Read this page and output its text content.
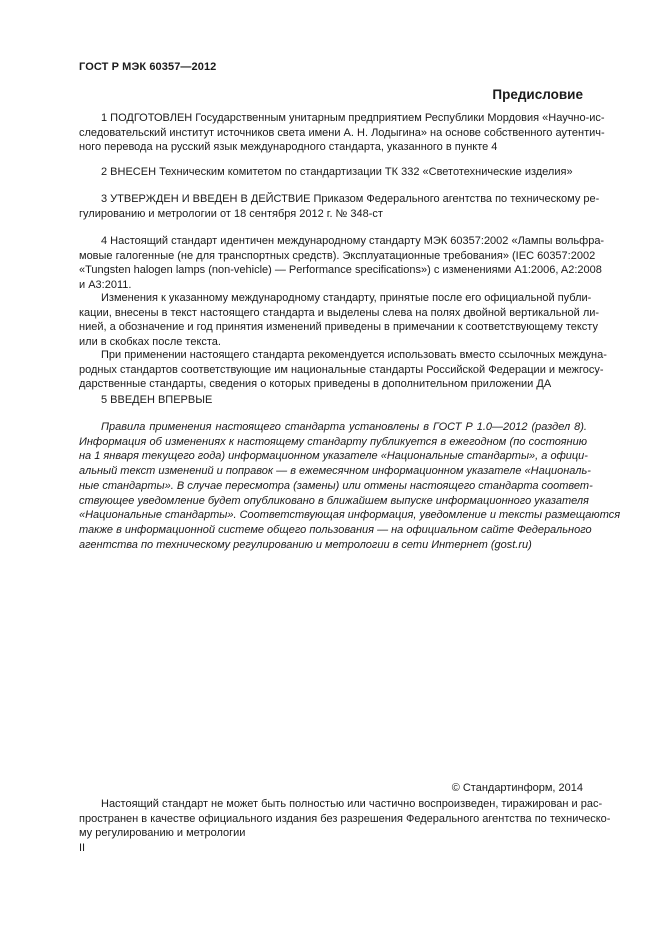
ГОСТ Р МЭК 60357—2012
Предисловие
1 ПОДГОТОВЛЕН Государственным унитарным предприятием Республики Мордовия «Научно-ис-
следовательский институт источников света имени А. Н. Лодыгина» на основе собственного аутентич-
ного перевода на русский язык международного стандарта, указанного в пункте 4
2 ВНЕСЕН Техническим комитетом по стандартизации ТК 332 «Светотехнические изделия»
3 УТВЕРЖДЕН И ВВЕДЕН В ДЕЙСТВИЕ Приказом Федерального агентства по техническому ре-
гулированию и метрологии от 18 сентября 2012 г. № 348-ст
4 Настоящий стандарт идентичен международному стандарту МЭК 60357:2002 «Лампы вольфра-
мовые галогенные (не для транспортных средств). Эксплуатационные требования» (IEC 60357:2002
«Tungsten halogen lamps (non-vehicle) — Performance specifications») с изменениями A1:2006, A2:2008
и A3:2011.
Изменения к указанному международному стандарту, принятые после его официальной публи-
кации, внесены в текст настоящего стандарта и выделены слева на полях двойной вертикальной ли-
нией, а обозначение и год принятия изменений приведены в примечании к соответствующему тексту
или в скобках после текста.
При применении настоящего стандарта рекомендуется использовать вместо ссылочных междуна-
родных стандартов соответствующие им национальные стандарты Российской Федерации и межгосу-
дарственные стандарты, сведения о которых приведены в дополнительном приложении ДА
5 ВВЕДЕН ВПЕРВЫЕ
Правила применения настоящего стандарта установлены в ГОСТ Р 1.0—2012 (раздел 8).
Информация об изменениях к настоящему стандарту публикуется в ежегодном (по состоянию
на 1 января текущего года) информационном указателе «Национальные стандарты», а офици-
альный текст изменений и поправок — в ежемесячном информационном указателе «Националь-
ные стандарты». В случае пересмотра (замены) или отмены настоящего стандарта соответ-
ствующее уведомление будет опубликовано в ближайшем выпуске информационного указателя
«Национальные стандарты». Соответствующая информация, уведомление и тексты размещаются
также в информационной системе общего пользования — на официальном сайте Федерального
агентства по техническому регулированию и метрологии в сети Интернет (gost.ru)
© Стандартинформ, 2014
Настоящий стандарт не может быть полностью или частично воспроизведен, тиражирован и рас-
пространен в качестве официального издания без разрешения Федерального агентства по техническо-
му регулированию и метрологии
II
